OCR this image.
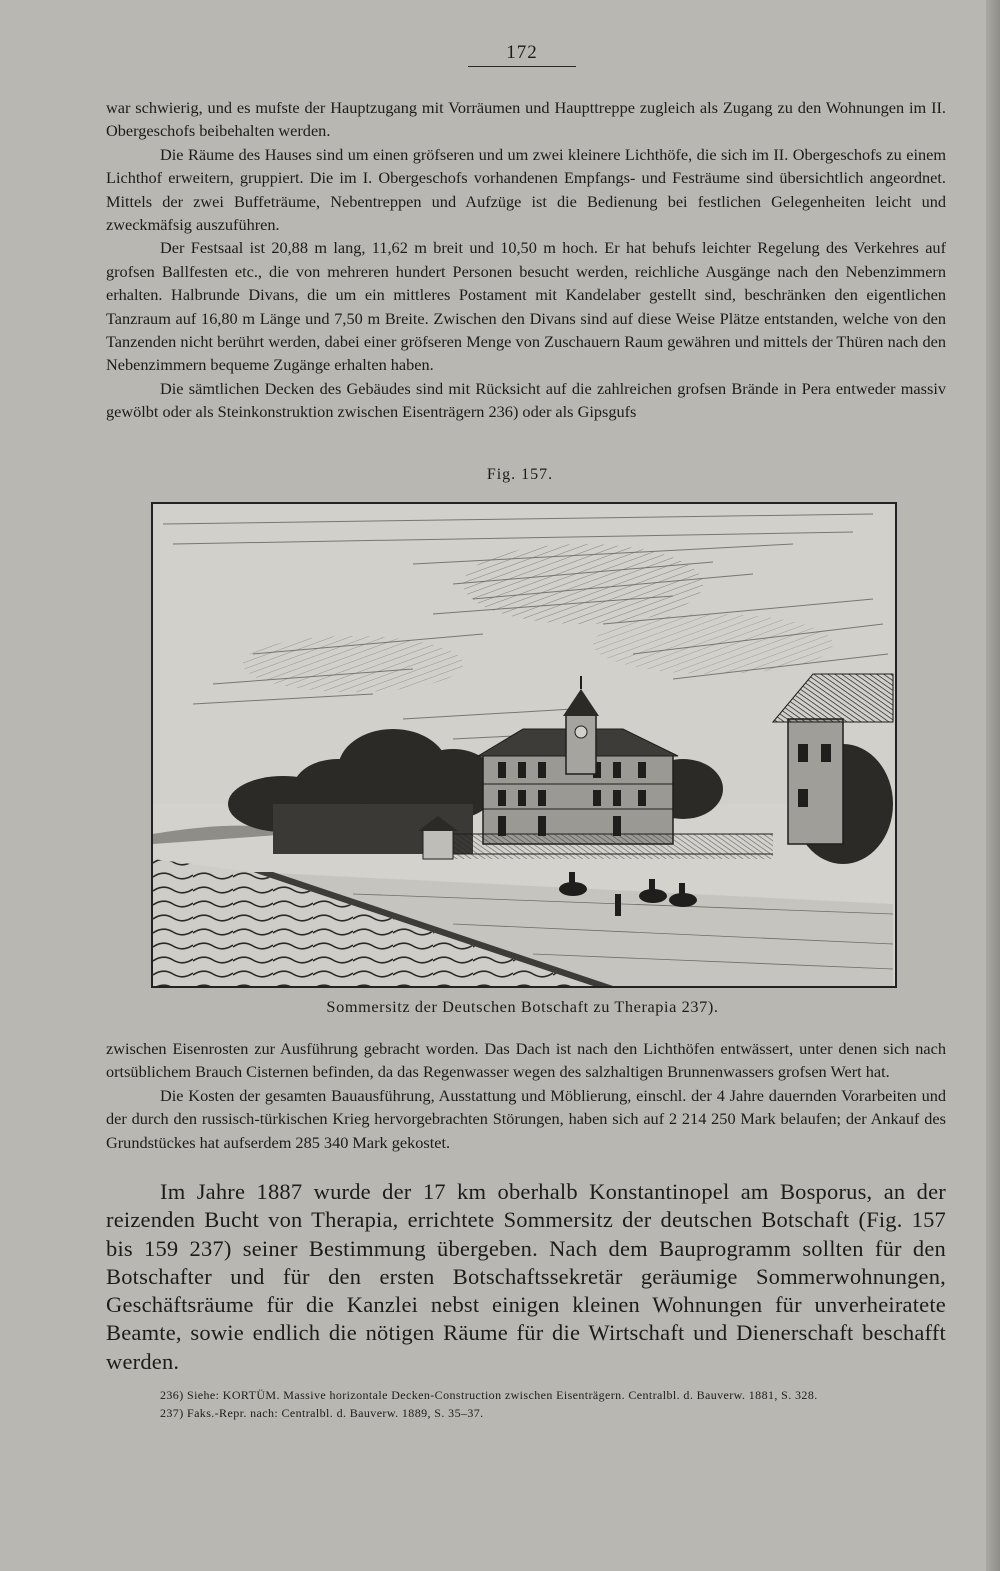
172

war schwierig, und es mufste der Hauptzugang mit Vorräumen und Haupttreppe zugleich als Zugang zu den Wohnungen im II. Obergeschofs beibehalten werden.

Die Räume des Hauses sind um einen gröfseren und um zwei kleinere Lichthöfe, die sich im II. Obergeschofs zu einem Lichthof erweitern, gruppiert. Die im I. Obergeschofs vorhandenen Empfangs- und Festräume sind übersichtlich angeordnet. Mittels der zwei Buffeträume, Nebentreppen und Aufzüge ist die Bedienung bei festlichen Gelegenheiten leicht und zweckmäfsig auszuführen.

Der Festsaal ist 20,88 m lang, 11,62 m breit und 10,50 m hoch. Er hat behufs leichter Regelung des Verkehres auf grofsen Ballfesten etc., die von mehreren hundert Personen besucht werden, reichliche Ausgänge nach den Nebenzimmern erhalten. Halbrunde Divans, die um ein mittleres Postament mit Kandelaber gestellt sind, beschränken den eigentlichen Tanzraum auf 16,80 m Länge und 7,50 m Breite. Zwischen den Divans sind auf diese Weise Plätze entstanden, welche von den Tanzenden nicht berührt werden, dabei einer gröfseren Menge von Zuschauern Raum gewähren und mittels der Thüren nach den Nebenzimmern bequeme Zugänge erhalten haben.

Die sämtlichen Decken des Gebäudes sind mit Rücksicht auf die zahlreichen grofsen Brände in Pera entweder massiv gewölbt oder als Steinkonstruktion zwischen Eisenträgern 236) oder als Gipsgufs

Fig. 157.
Sommersitz der Deutschen Botschaft zu Therapia 237).

zwischen Eisenrosten zur Ausführung gebracht worden. Das Dach ist nach den Lichthöfen entwässert, unter denen sich nach ortsüblichem Brauch Cisternen befinden, da das Regenwasser wegen des salzhaltigen Brunnenwassers grofsen Wert hat.

Die Kosten der gesamten Bauausführung, Ausstattung und Möblierung, einschl. der 4 Jahre dauernden Vorarbeiten und der durch den russisch-türkischen Krieg hervorgebrachten Störungen, haben sich auf 2 214 250 Mark belaufen; der Ankauf des Grundstückes hat aufserdem 285 340 Mark gekostet.

Im Jahre 1887 wurde der 17 km oberhalb Konstantinopel am Bosporus, an der reizenden Bucht von Therapia, errichtete Sommersitz der deutschen Botschaft (Fig. 157 bis 159 237) seiner Bestimmung übergeben. Nach dem Bauprogramm sollten für den Botschafter und für den ersten Botschaftssekretär geräumige Sommerwohnungen, Geschäftsräume für die Kanzlei nebst einigen kleinen Wohnungen für unverheiratete Beamte, sowie endlich die nötigen Räume für die Wirtschaft und Dienerschaft beschafft werden.

236) Siehe: KORTÜM. Massive horizontale Decken-Construction zwischen Eisenträgern. Centralbl. d. Bauverw. 1881, S. 328.

237) Faks.-Repr. nach: Centralbl. d. Bauverw. 1889, S. 35–37.
